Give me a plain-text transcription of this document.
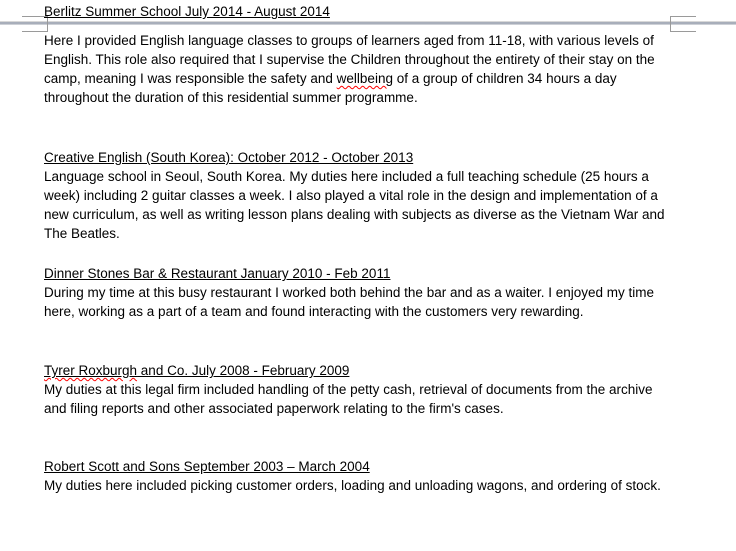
Berlitz Summer School July 2014 - August 2014

Here I provided English language classes to groups of learners aged from 11-18, with various levels of English. This role also required that I supervise the Children throughout the entirety of their stay on the camp, meaning I was responsible the safety and wellbeing of a group of children 34 hours a day throughout the duration of this residential summer programme.

Creative English (South Korea): October 2012 - October 2013

Language school in Seoul, South Korea. My duties here included a full teaching schedule (25 hours a week) including 2 guitar classes a week. I also played a vital role in the design and implementation of a new curriculum, as well as writing lesson plans dealing with subjects as diverse as the Vietnam War and The Beatles.

Dinner Stones Bar & Restaurant January 2010 - Feb 2011

During my time at this busy restaurant I worked both behind the bar and as a waiter. I enjoyed my time here, working as a part of a team and found interacting with the customers very rewarding.

Tyrer Roxburgh and Co. July 2008 - February 2009

My duties at this legal firm included handling of the petty cash, retrieval of documents from the archive and filing reports and other associated paperwork relating to the firm's cases.

Robert Scott and Sons September 2003 – March 2004

My duties here included picking customer orders, loading and unloading wagons, and ordering of stock.
